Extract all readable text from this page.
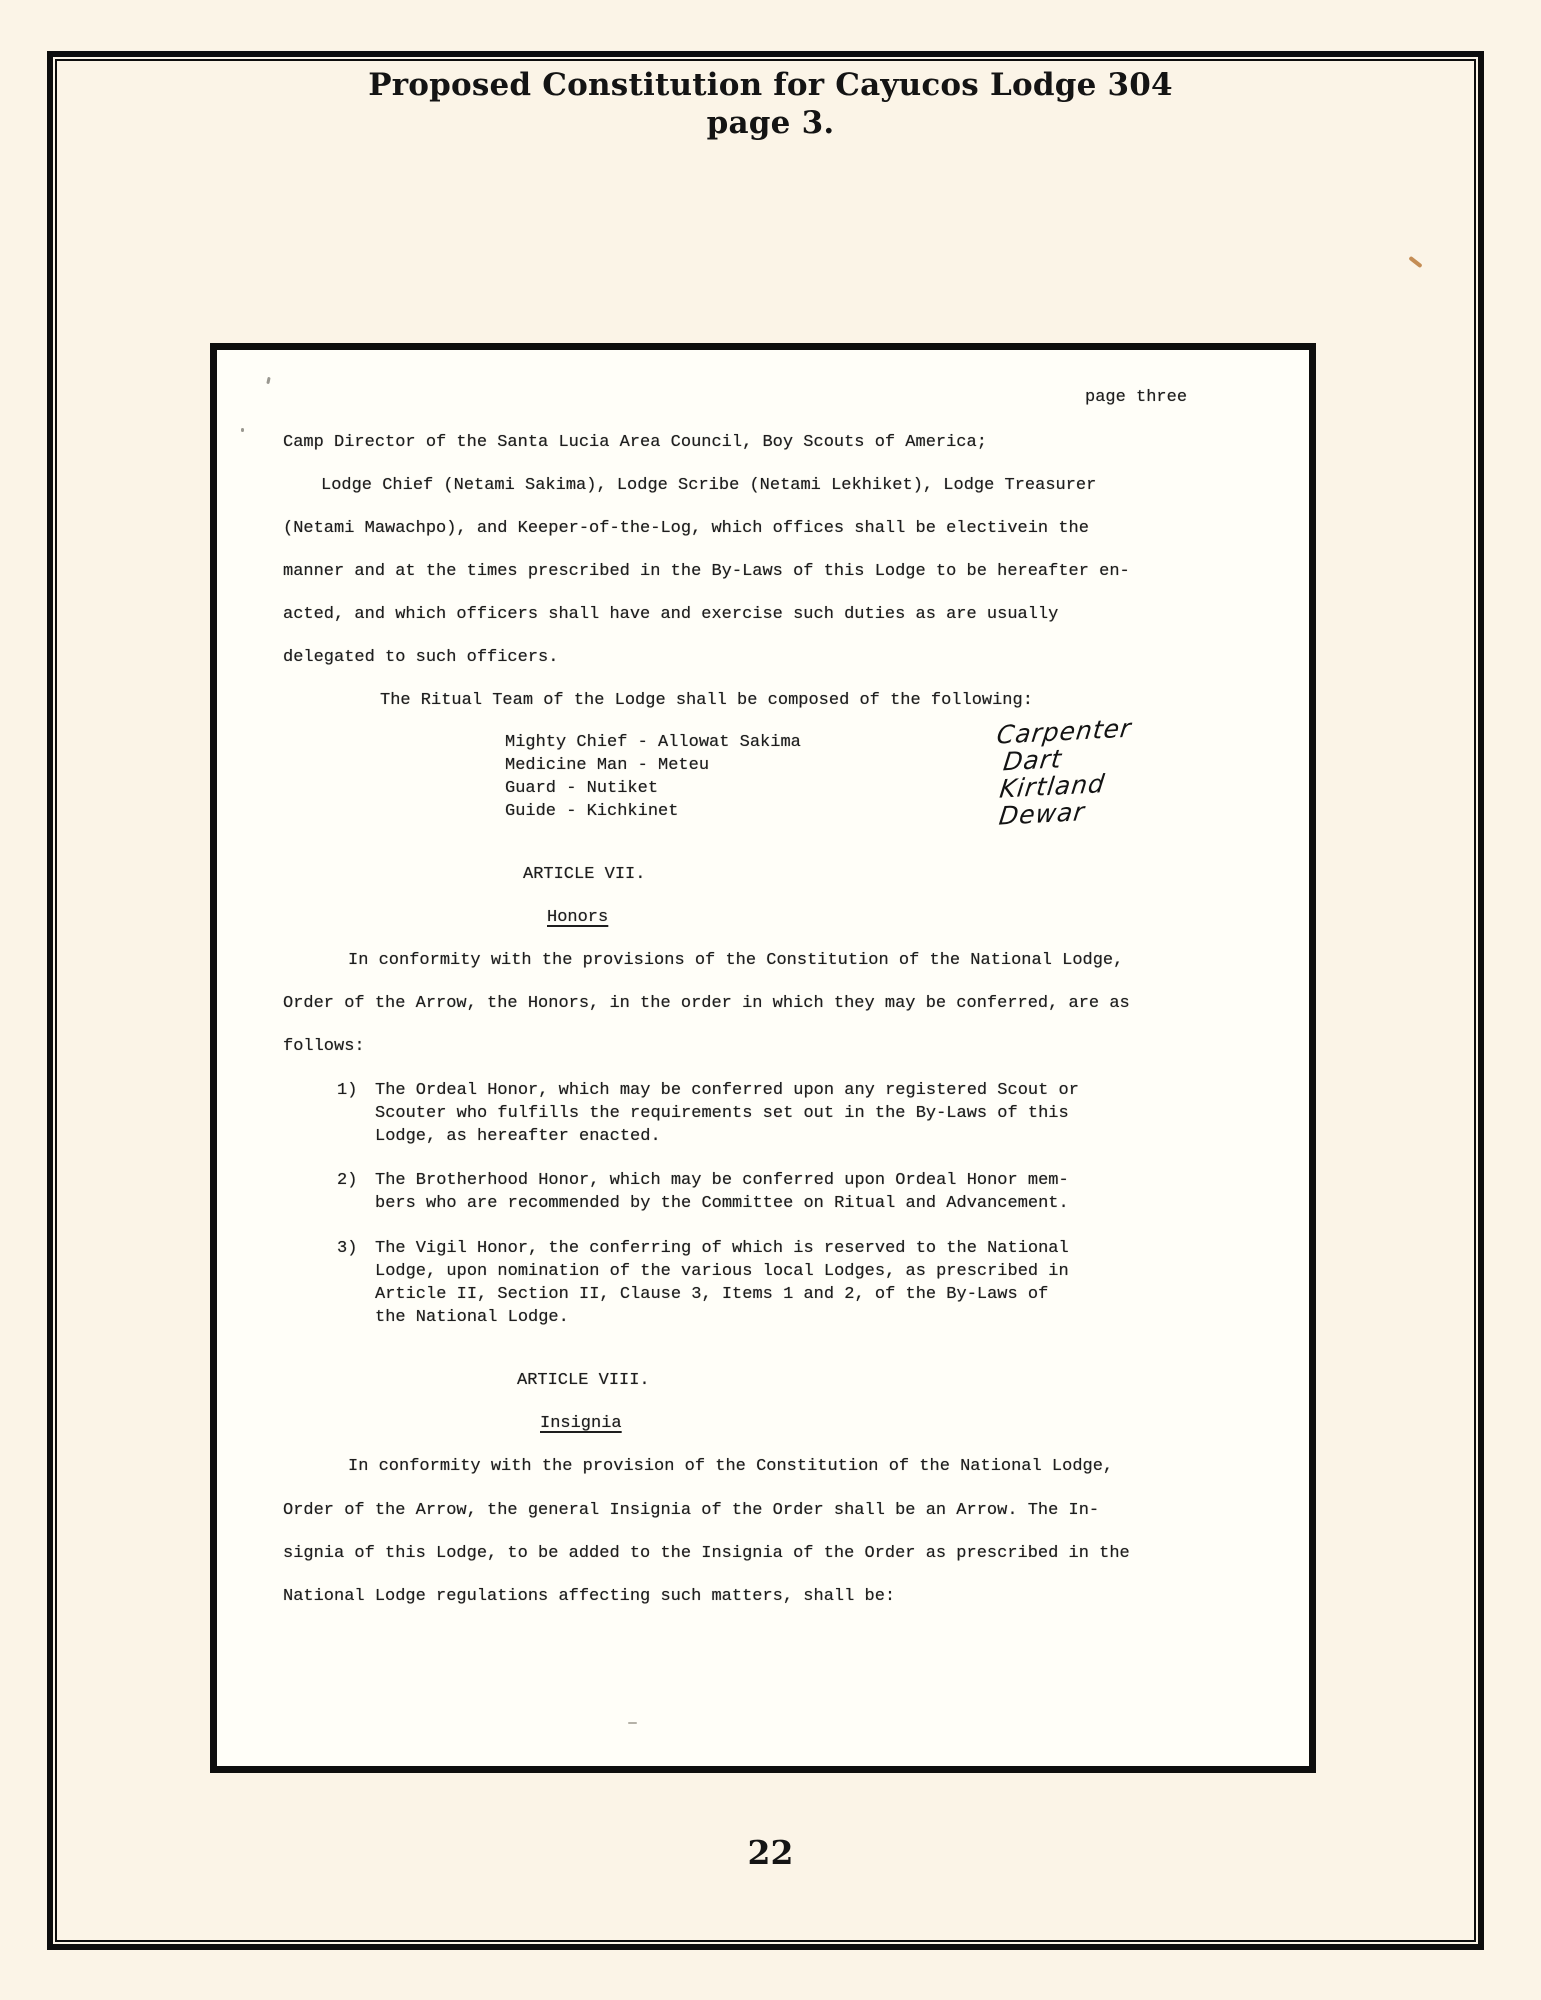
Proposed Constitution for Cayucos Lodge 304
page 3.
page three
Camp Director of the Santa Lucia Area Council, Boy Scouts of America;
Lodge Chief (Netami Sakima), Lodge Scribe (Netami Lekhiket), Lodge Treasurer
(Netami Mawachpo), and Keeper-of-the-Log, which offices shall be electivein the
manner and at the times prescribed in the By-Laws of this Lodge to be hereafter en-
acted, and which officers shall have and exercise such duties as are usually
delegated to such officers.
The Ritual Team of the Lodge shall be composed of the following:
Mighty Chief - Allowat Sakima
Medicine Man - Meteu
Guard - Nutiket
Guide - Kichkinet
Carpenter
Dart
Kirtland
Dewar
ARTICLE VII.
Honors
In conformity with the provisions of the Constitution of the National Lodge,
Order of the Arrow, the Honors, in the order in which they may be conferred, are as
follows:
1) The Ordeal Honor, which may be conferred upon any registered Scout or
Scouter who fulfills the requirements set out in the By-Laws of this
Lodge, as hereafter enacted.
2) The Brotherhood Honor, which may be conferred upon Ordeal Honor mem-
bers who are recommended by the Committee on Ritual and Advancement.
3) The Vigil Honor, the conferring of which is reserved to the National
Lodge, upon nomination of the various local Lodges, as prescribed in
Article II, Section II, Clause 3, Items 1 and 2, of the By-Laws of
the National Lodge.
ARTICLE VIII.
Insignia
In conformity with the provision of the Constitution of the National Lodge,
Order of the Arrow, the general Insignia of the Order shall be an Arrow. The In-
signia of this Lodge, to be added to the Insignia of the Order as prescribed in the
National Lodge regulations affecting such matters, shall be:
22
